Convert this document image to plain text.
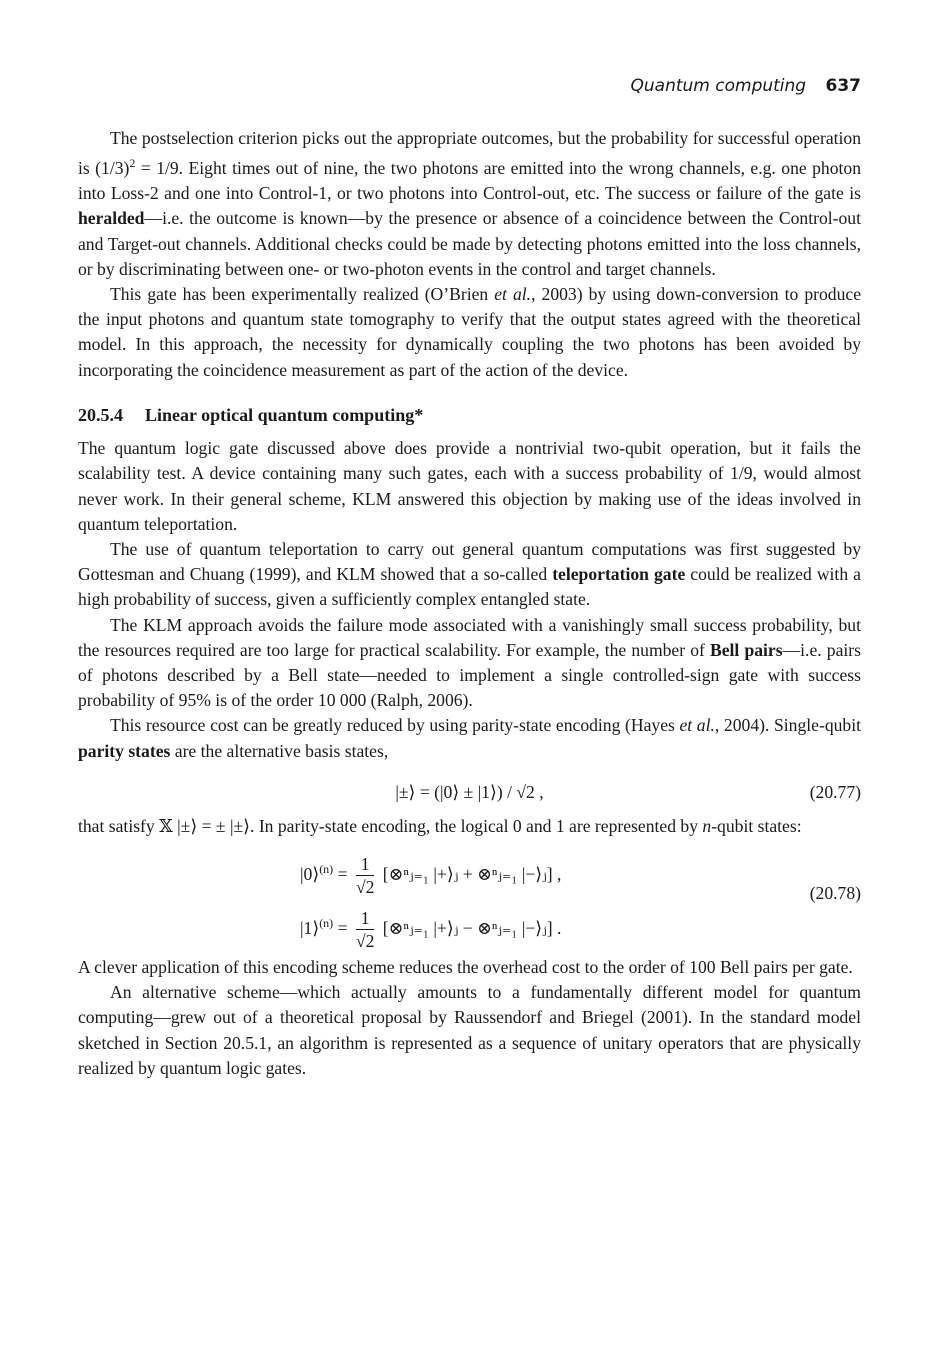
Quantum computing 637

The postselection criterion picks out the appropriate outcomes, but the probability for successful operation is $(1/3)^2 = 1/9$. Eight times out of nine, the two photons are emitted into the wrong channels, e.g. one photon into Loss-2 and one into Control-1, or two photons into Control-out, etc. The success or failure of the gate is heralded—i.e. the outcome is known—by the presence or absence of a coincidence between the Control-out and Target-out channels. Additional checks could be made by detecting photons emitted into the loss channels, or by discriminating between one- or two-photon events in the control and target channels.

This gate has been experimentally realized (O’Brien et al., 2003) by using down-conversion to produce the input photons and quantum state tomography to verify that the output states agreed with the theoretical model. In this approach, the necessity for dynamically coupling the two photons has been avoided by incorporating the coincidence measurement as part of the action of the device.

20.5.4 Linear optical quantum computing*

The quantum logic gate discussed above does provide a nontrivial two-qubit operation, but it fails the scalability test. A device containing many such gates, each with a success probability of 1/9, would almost never work. In their general scheme, KLM answered this objection by making use of the ideas involved in quantum teleportation.

The use of quantum teleportation to carry out general quantum computations was first suggested by Gottesman and Chuang (1999), and KLM showed that a so-called teleportation gate could be realized with a high probability of success, given a sufficiently complex entangled state.

The KLM approach avoids the failure mode associated with a vanishingly small success probability, but the resources required are too large for practical scalability. For example, the number of Bell pairs—i.e. pairs of photons described by a Bell state—needed to implement a single controlled-sign gate with success probability of 95% is of the order 10 000 (Ralph, 2006).

This resource cost can be greatly reduced by using parity-state encoding (Hayes et al., 2004). Single-qubit parity states are the alternative basis states,

|±⟩ = (|0⟩ ± |1⟩) / √2 ,	(20.77)

that satisfy 𝕏 |±⟩ = ± |±⟩. In parity-state encoding, the logical 0 and 1 are represented by n-qubit states:

|0⟩$^{(n)}$ = $\frac{1}{√2}$ [⊗ⁿⱼ₌₁ |+⟩ⱼ + ⊗ⁿⱼ₌₁ |−⟩ⱼ] ,
|1⟩$^{(n)}$ = $\frac{1}{√2}$ [⊗ⁿⱼ₌₁ |+⟩ⱼ − ⊗ⁿⱼ₌₁ |−⟩ⱼ] .
(20.78)

A clever application of this encoding scheme reduces the overhead cost to the order of 100 Bell pairs per gate.

An alternative scheme—which actually amounts to a fundamentally different model for quantum computing—grew out of a theoretical proposal by Raussendorf and Briegel (2001). In the standard model sketched in Section 20.5.1, an algorithm is represented as a sequence of unitary operators that are physically realized by quantum logic gates.
